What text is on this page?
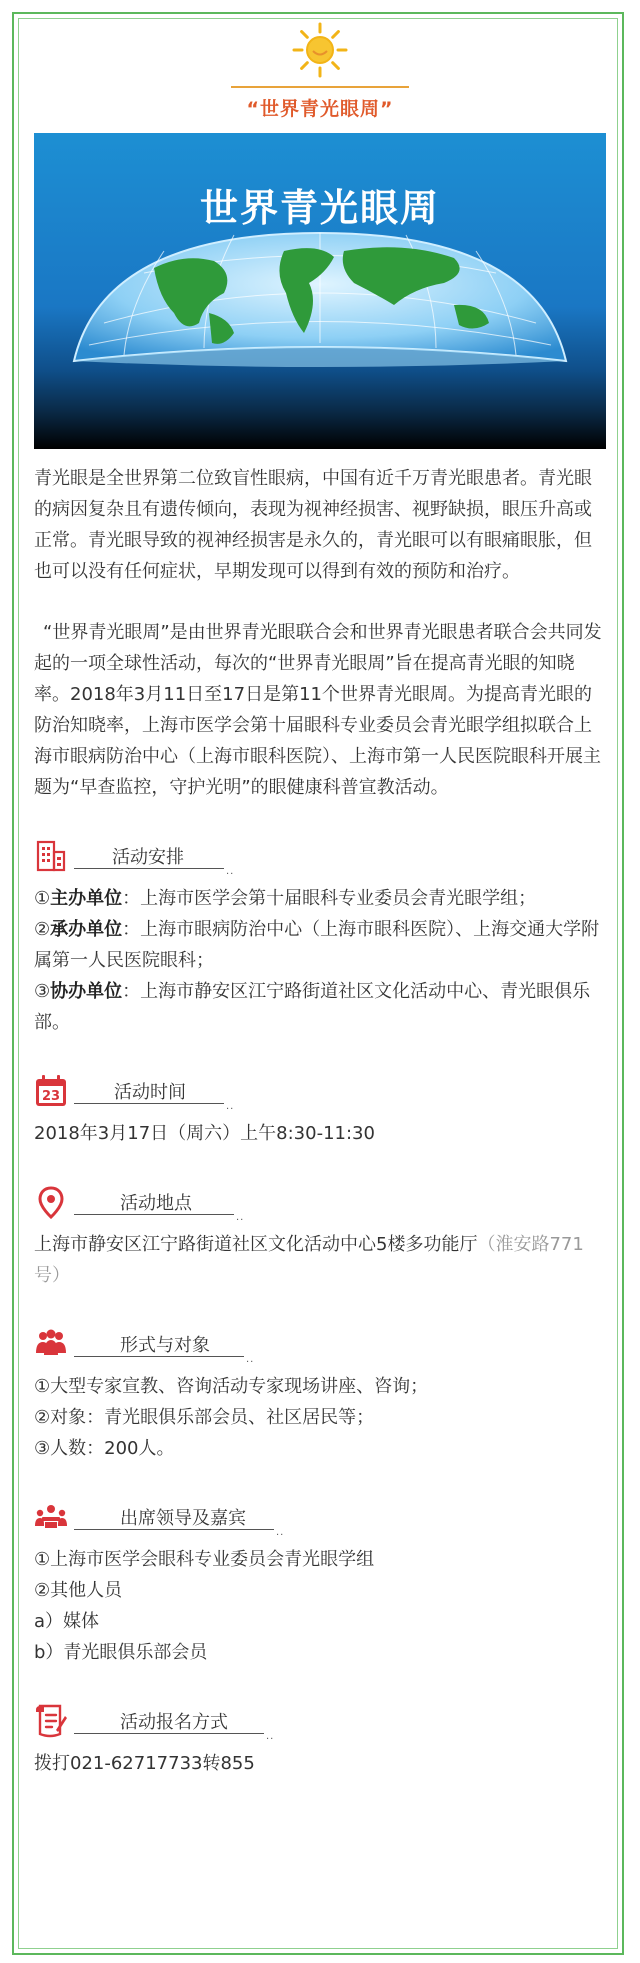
“世界青光眼周”
世界青光眼周

青光眼是全世界第二位致盲性眼病，中国有近千万青光眼患者。青光眼的病因复杂且有遗传倾向，表现为视神经损害、视野缺损，眼压升高或正常。青光眼导致的视神经损害是永久的，青光眼可以有眼痛眼胀，但也可以没有任何症状，早期发现可以得到有效的预防和治疗。

“世界青光眼周”是由世界青光眼联合会和世界青光眼患者联合会共同发起的一项全球性活动，每次的“世界青光眼周”旨在提高青光眼的知晓率。2018年3月11日至17日是第11个世界青光眼周。为提高青光眼的防治知晓率，上海市医学会第十届眼科专业委员会青光眼学组拟联合上海市眼病防治中心（上海市眼科医院）、上海市第一人民医院眼科开展主题为“早查监控，守护光明”的眼健康科普宣教活动。

..
活动安排
①主办单位：上海市医学会第十届眼科专业委员会青光眼学组；
②承办单位：上海市眼病防治中心（上海市眼科医院）、上海交通大学附属第一人民医院眼科；
③协办单位：上海市静安区江宁路街道社区文化活动中心、青光眼俱乐部。
23
..
活动时间
2018年3月17日（周六）上午8:30-11:30
..
活动地点
上海市静安区江宁路街道社区文化活动中心5楼多功能厅（淮安路771号）
..
形式与对象
①大型专家宣教、咨询活动专家现场讲座、咨询；
②对象：青光眼俱乐部会员、社区居民等；
③人数：200人。
..
出席领导及嘉宾
①上海市医学会眼科专业委员会青光眼学组
②其他人员
a）媒体
b）青光眼俱乐部会员
..
活动报名方式
拨打021-62717733转855
